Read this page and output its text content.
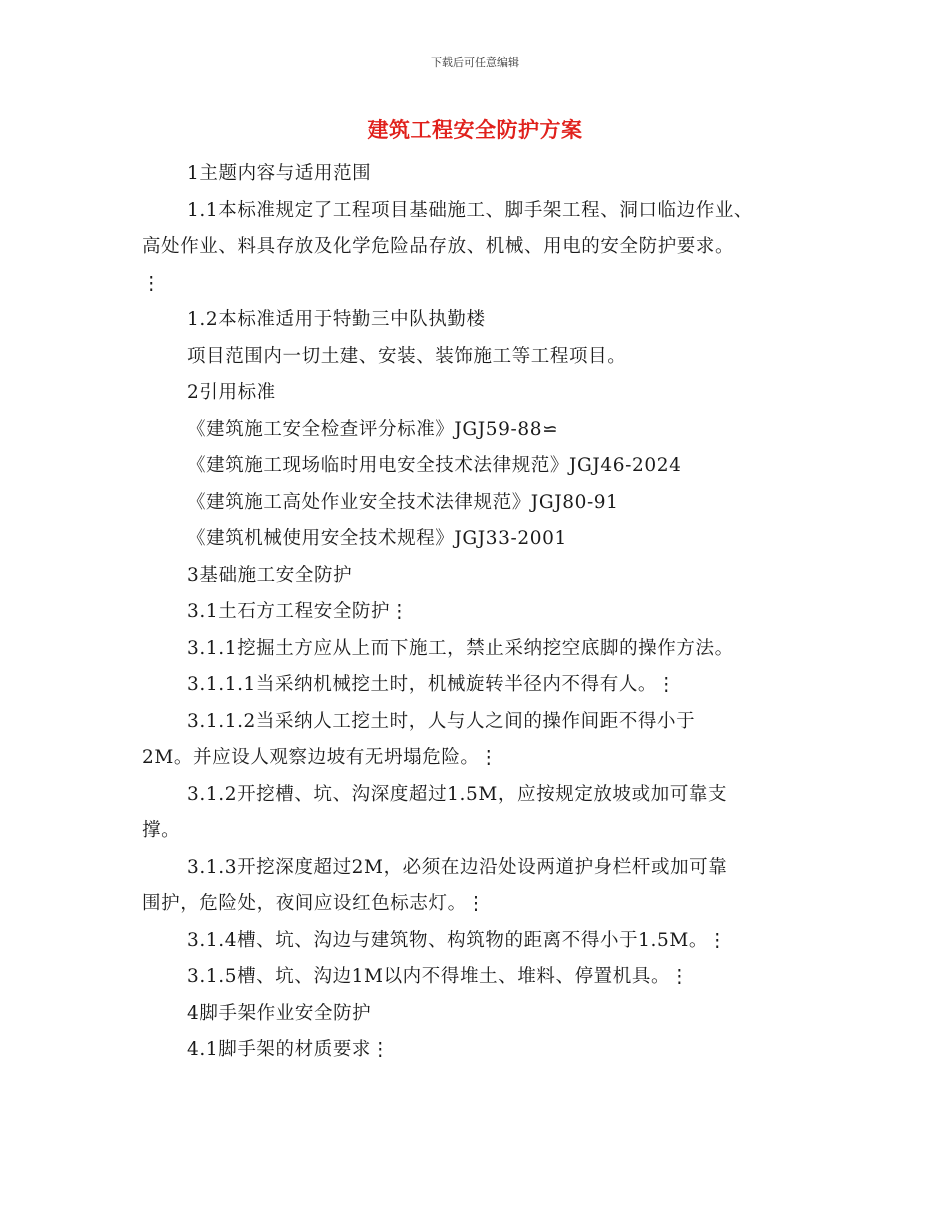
下载后可任意编辑
建筑工程安全防护方案
1主题内容与适用范围
1.1本标准规定了工程项目基础施工、脚手架工程、洞口临边作业、
高处作业、料具存放及化学危险品存放、机械、用电的安全防护要求。
⋮
1.2本标准适用于特勤三中队执勤楼
项目范围内一切土建、安装、装饰施工等工程项目。
2引用标准
《建筑施工安全检查评分标准》JGJ59-88⋍
《建筑施工现场临时用电安全技术法律规范》JGJ46-2024
《建筑施工高处作业安全技术法律规范》JGJ80-91
《建筑机械使用安全技术规程》JGJ33-2001
3基础施工安全防护
3.1土石方工程安全防护⋮
3.1.1挖掘土方应从上而下施工，禁止采纳挖空底脚的操作方法。
3.1.1.1当采纳机械挖土时，机械旋转半径内不得有人。⋮
3.1.1.2当采纳人工挖土时，人与人之间的操作间距不得小于
2M。并应设人观察边坡有无坍塌危险。⋮
3.1.2开挖槽、坑、沟深度超过1.5M，应按规定放坡或加可靠支
撑。
3.1.3开挖深度超过2M，必须在边沿处设两道护身栏杆或加可靠
围护，危险处，夜间应设红色标志灯。⋮
3.1.4槽、坑、沟边与建筑物、构筑物的距离不得小于1.5M。⋮
3.1.5槽、坑、沟边1M以内不得堆土、堆料、停置机具。⋮
4脚手架作业安全防护
4.1脚手架的材质要求⋮
